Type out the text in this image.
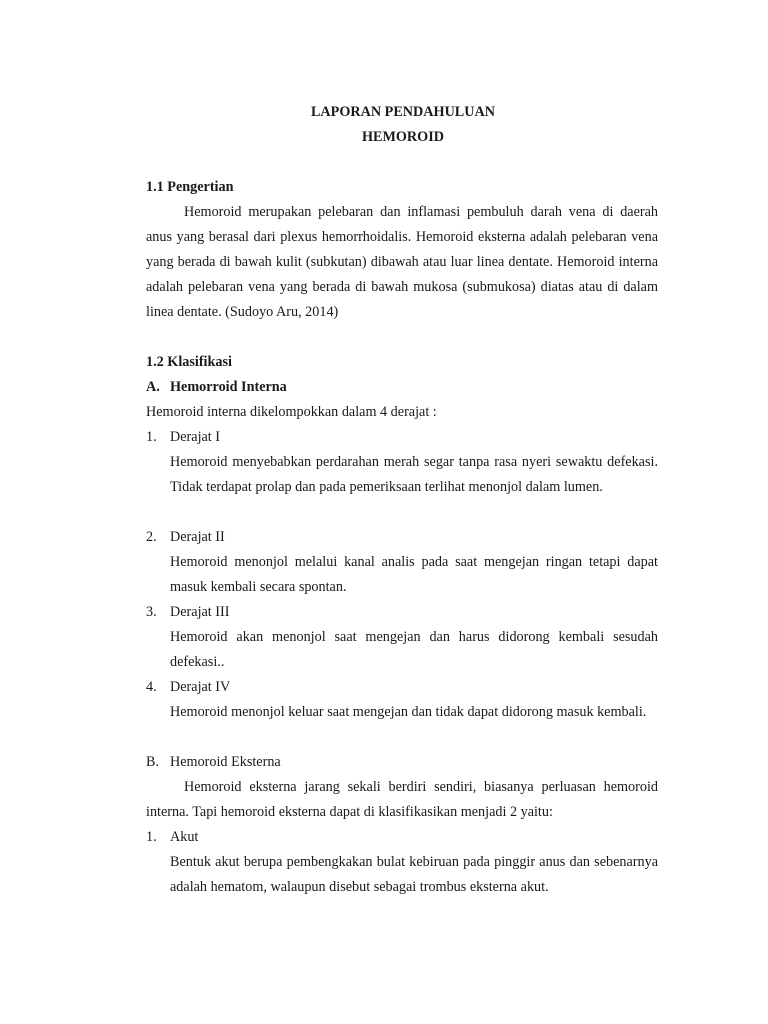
LAPORAN PENDAHULUAN

HEMOROID

1.1 Pengertian
Hemoroid merupakan pelebaran dan inflamasi pembuluh darah vena di daerah anus yang berasal dari plexus hemorrhoidalis. Hemoroid eksterna adalah pelebaran vena yang berada di bawah kulit (subkutan) dibawah atau luar linea dentate. Hemoroid interna adalah pelebaran vena yang berada di bawah mukosa (submukosa) diatas atau di dalam linea dentate. (Sudoyo Aru, 2014)
1.2 Klasifikasi
A. Hemorroid Interna
Hemoroid interna dikelompokkan dalam 4 derajat :
1. Derajat I
Hemoroid menyebabkan perdarahan merah segar tanpa rasa nyeri sewaktu defekasi. Tidak terdapat prolap dan pada pemeriksaan terlihat menonjol dalam lumen.
2. Derajat II
Hemoroid menonjol melalui kanal analis pada saat mengejan ringan tetapi dapat masuk kembali secara spontan.
3. Derajat III
Hemoroid akan menonjol saat mengejan dan harus didorong kembali sesudah defekasi..
4. Derajat IV
Hemoroid menonjol keluar saat mengejan dan tidak dapat didorong masuk kembali.
B. Hemoroid Eksterna
Hemoroid eksterna jarang sekali berdiri sendiri, biasanya perluasan hemoroid interna. Tapi hemoroid eksterna dapat di klasifikasikan menjadi 2 yaitu:
1. Akut
Bentuk akut berupa pembengkakan bulat kebiruan pada pinggir anus dan sebenarnya adalah hematom, walaupun disebut sebagai trombus eksterna akut.
